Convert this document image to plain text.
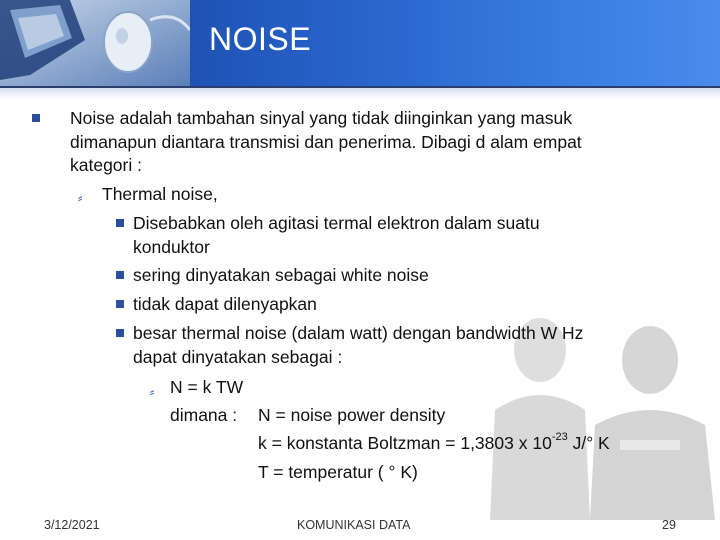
NOISE
Noise adalah tambahan sinyal yang tidak diinginkan yang masuk
dimanapun diantara transmisi dan penerima. Dibagi d alam empat
kategori :
⸗ Thermal noise,
Disebabkan oleh agitasi termal elektron dalam suatu
konduktor
sering dinyatakan sebagai white noise
tidak dapat dilenyapkan
besar thermal noise (dalam watt) dengan bandwidth W Hz
dapat dinyatakan sebagai :
⸗ N = k TW
dimana : N = noise power density
k = konstanta Boltzman = 1,3803 x $10^{-23}$ J/° K
T = temperatur ( ° K)
3/12/2021	KOMUNIKASI DATA	29
